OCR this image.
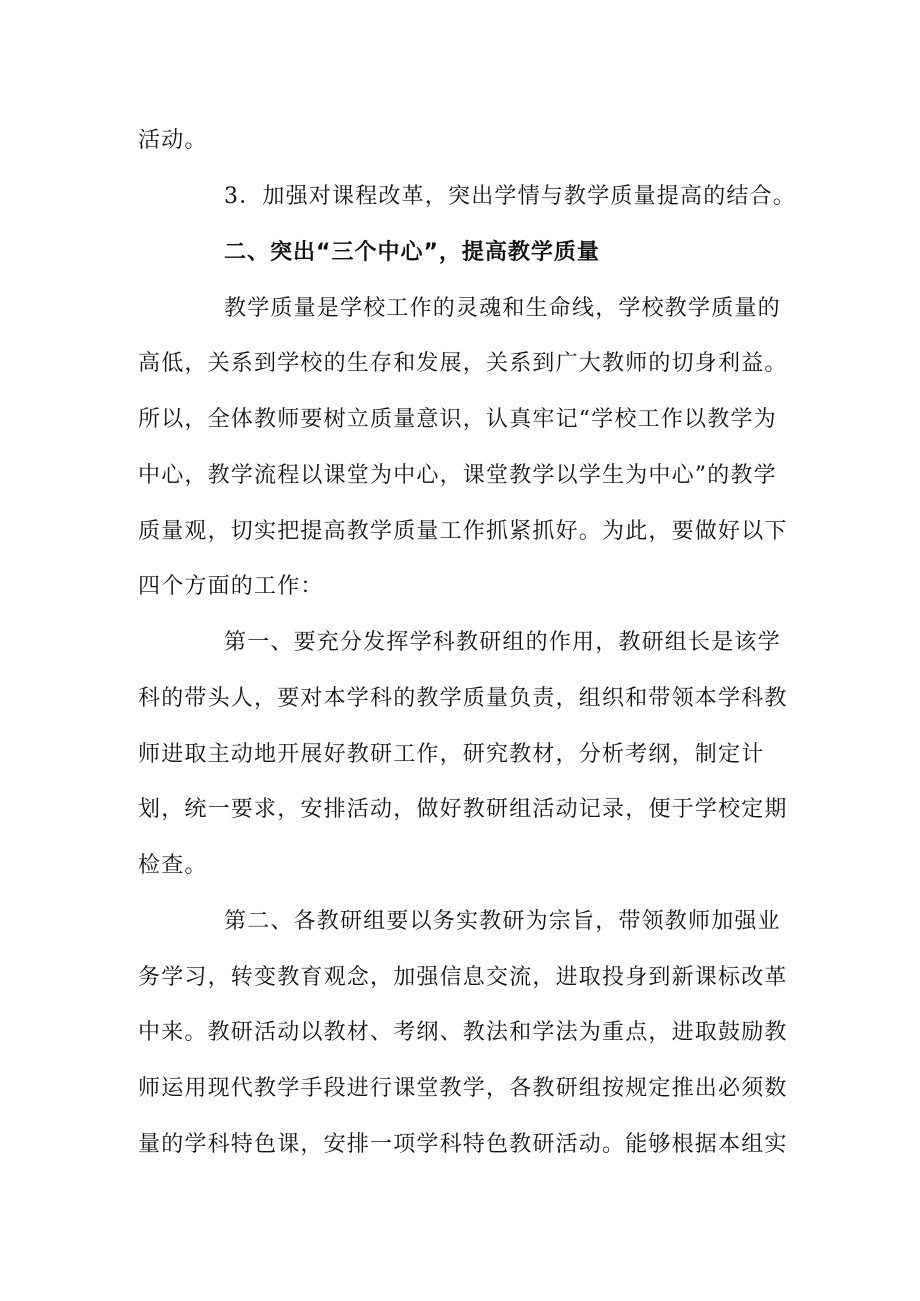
活动。
3．加强对课程改革，突出学情与教学质量提高的结合。
二、突出“三个中心”，提高教学质量
教学质量是学校工作的灵魂和生命线，学校教学质量的
高低，关系到学校的生存和发展，关系到广大教师的切身利益。
所以，全体教师要树立质量意识，认真牢记“学校工作以教学为
中心，教学流程以课堂为中心，课堂教学以学生为中心”的教学
质量观，切实把提高教学质量工作抓紧抓好。为此，要做好以下
四个方面的工作：
第一、要充分发挥学科教研组的作用，教研组长是该学
科的带头人，要对本学科的教学质量负责，组织和带领本学科教
师进取主动地开展好教研工作，研究教材，分析考纲，制定计
划，统一要求，安排活动，做好教研组活动记录，便于学校定期
检查。
第二、各教研组要以务实教研为宗旨，带领教师加强业
务学习，转变教育观念，加强信息交流，进取投身到新课标改革
中来。教研活动以教材、考纲、教法和学法为重点，进取鼓励教
师运用现代教学手段进行课堂教学，各教研组按规定推出必须数
量的学科特色课，安排一项学科特色教研活动。能够根据本组实
